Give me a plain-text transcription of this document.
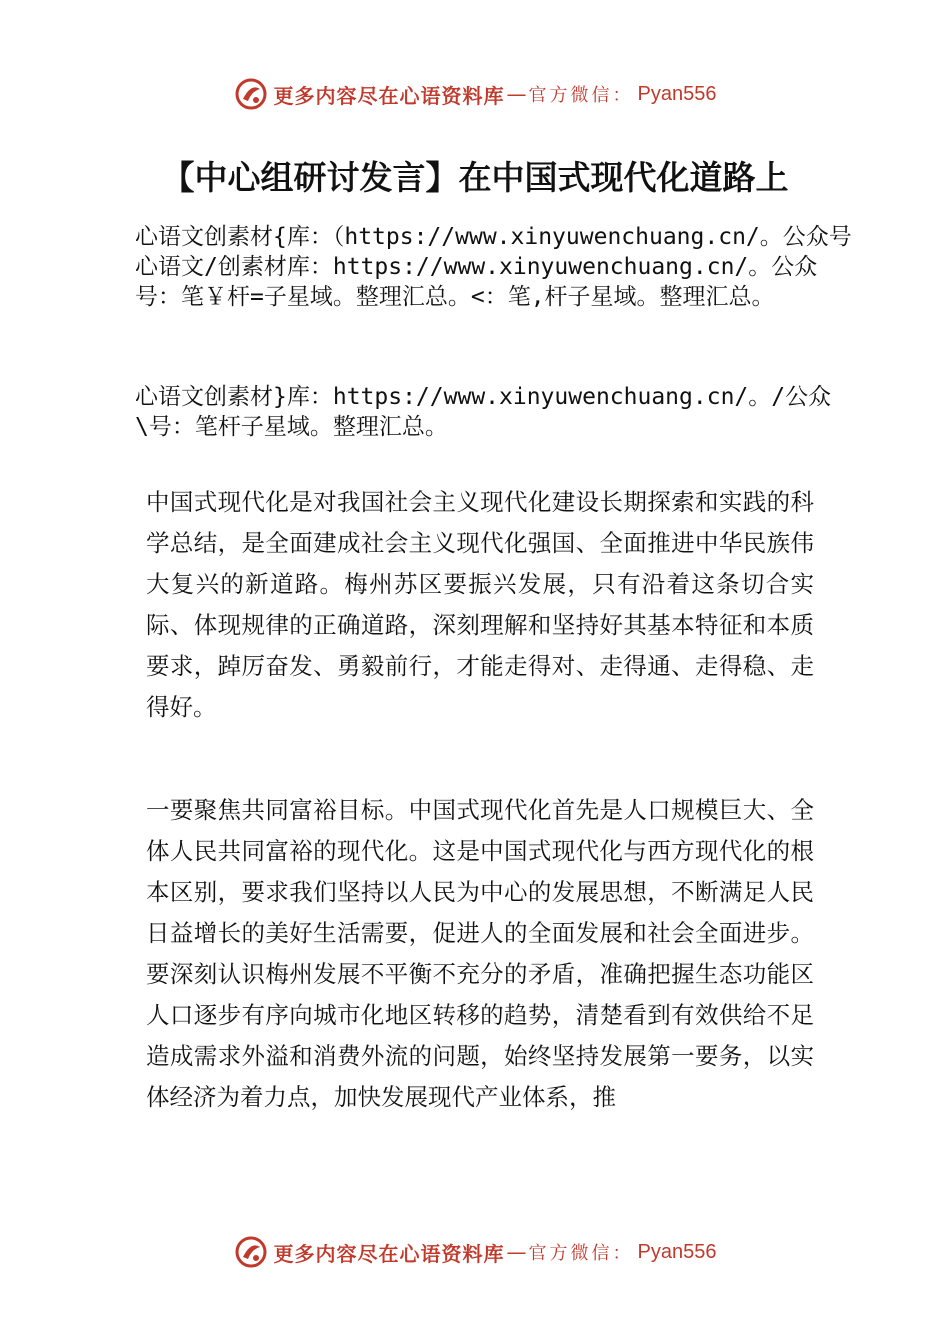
更多内容尽在心语资料库 — 官方微信： Pyan556
【中心组研讨发言】在中国式现代化道路上

心语文创素材{库：（https://www.xinyuwenchuang.cn/。公众号心语文/创素材库：https://www.xinyuwenchuang.cn/。公众号：笔￥杆=子星域。整理汇总。<：笔,杆子星域。整理汇总。

心语文创素材}库：https://www.xinyuwenchuang.cn/。/公众\号：笔杆子星域。整理汇总。

中国式现代化是对我国社会主义现代化建设长期探索和实践的科学总结，是全面建成社会主义现代化强国、全面推进中华民族伟大复兴的新道路。梅州苏区要振兴发展，只有沿着这条切合实际、体现规律的正确道路，深刻理解和坚持好其基本特征和本质要求，踔厉奋发、勇毅前行，才能走得对、走得通、走得稳、走得好。

一要聚焦共同富裕目标。中国式现代化首先是人口规模巨大、全体人民共同富裕的现代化。这是中国式现代化与西方现代化的根本区别，要求我们坚持以人民为中心的发展思想，不断满足人民日益增长的美好生活需要，促进人的全面发展和社会全面进步。要深刻认识梅州发展不平衡不充分的矛盾，准确把握生态功能区人口逐步有序向城市化地区转移的趋势，清楚看到有效供给不足造成需求外溢和消费外流的问题，始终坚持发展第一要务，以实体经济为着力点，加快发展现代产业体系，推

更多内容尽在心语资料库 — 官方微信： Pyan556
